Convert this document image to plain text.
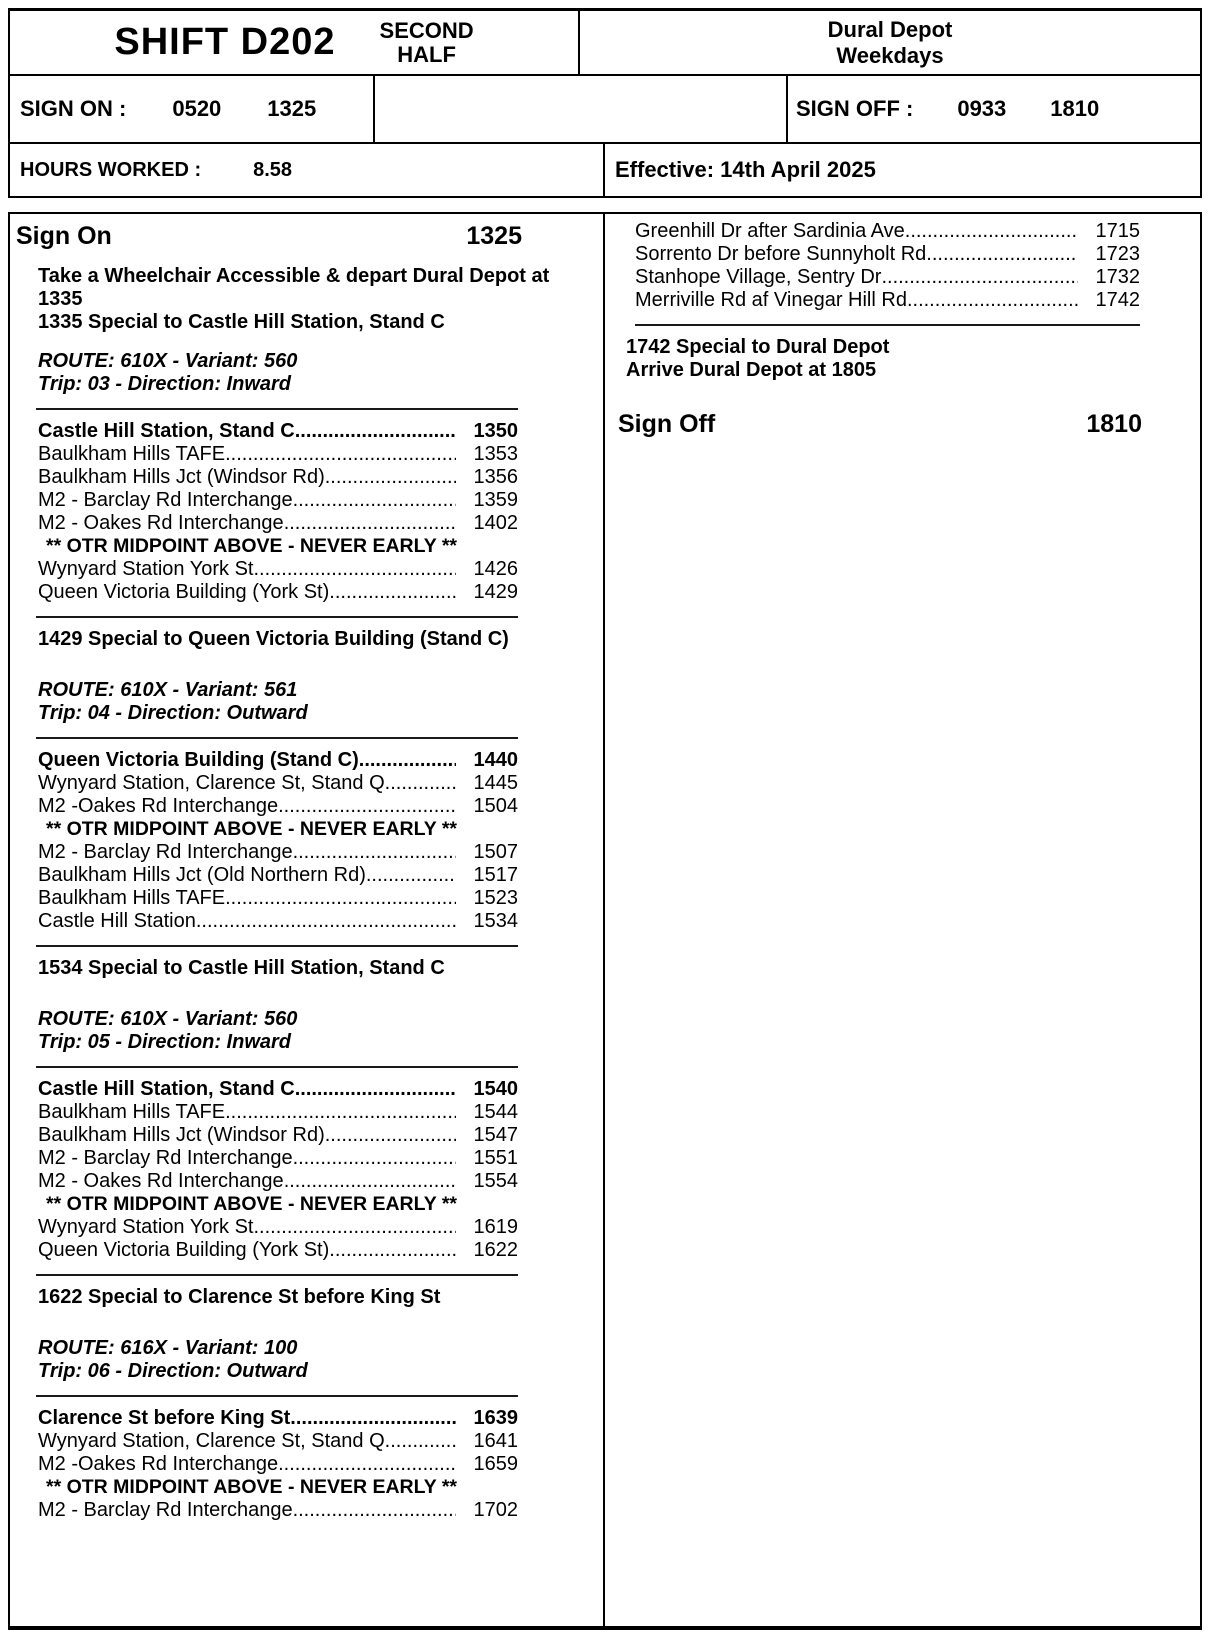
SHIFT D202 SECOND
HALF
Dural Depot
Weekdays
SIGN ON : 0520 1325	SIGN OFF : 0933 1810
HOURS WORKED :	8.58	Effective: 14th April 2025
Sign On	1325
Take a Wheelchair Accessible & depart Dural Depot at
1335
1335 Special to Castle Hill Station, Stand C
ROUTE: 610X - Variant: 560
Trip: 03 - Direction: Inward
Castle Hill Station, Stand C .....	1350
Baulkham Hills TAFE .....	1353
Baulkham Hills Jct (Windsor Rd) .....	1356
M2 - Barclay Rd Interchange .....	1359
M2 - Oakes Rd Interchange .....	1402
** OTR MIDPOINT ABOVE - NEVER EARLY **
Wynyard Station York St .....	1426
Queen Victoria Building (York St) .....	1429
1429 Special to Queen Victoria Building (Stand C)
ROUTE: 610X - Variant: 561
Trip: 04 - Direction: Outward
Queen Victoria Building (Stand C) .....	1440
Wynyard Station, Clarence St, Stand Q .....	1445
M2 -Oakes Rd Interchange .....	1504
** OTR MIDPOINT ABOVE - NEVER EARLY **
M2 - Barclay Rd Interchange .....	1507
Baulkham Hills Jct (Old Northern Rd) .....	1517
Baulkham Hills TAFE .....	1523
Castle Hill Station .....	1534
1534 Special to Castle Hill Station, Stand C
ROUTE: 610X - Variant: 560
Trip: 05 - Direction: Inward
Castle Hill Station, Stand C .....	1540
Baulkham Hills TAFE .....	1544
Baulkham Hills Jct (Windsor Rd) .....	1547
M2 - Barclay Rd Interchange .....	1551
M2 - Oakes Rd Interchange .....	1554
** OTR MIDPOINT ABOVE - NEVER EARLY **
Wynyard Station York St .....	1619
Queen Victoria Building (York St) .....	1622
1622 Special to Clarence St before King St
ROUTE: 616X - Variant: 100
Trip: 06 - Direction: Outward
Clarence St before King St .....	1639
Wynyard Station, Clarence St, Stand Q .....	1641
M2 -Oakes Rd Interchange .....	1659
** OTR MIDPOINT ABOVE - NEVER EARLY **
M2 - Barclay Rd Interchange .....	1702
Greenhill Dr after Sardinia Ave .....	1715
Sorrento Dr before Sunnyholt Rd .....	1723
Stanhope Village, Sentry Dr .....	1732
Merriville Rd af Vinegar Hill Rd .....	1742
1742 Special to Dural Depot
Arrive Dural Depot at 1805
Sign Off	1810
